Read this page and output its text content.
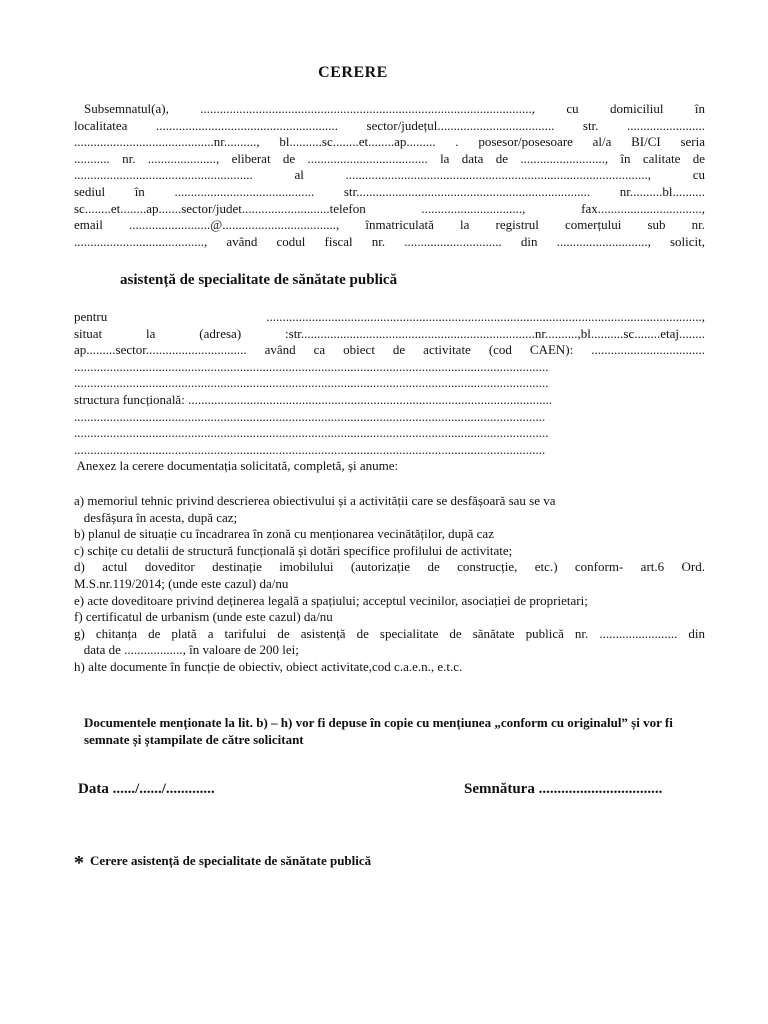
CERERE
Subsemnatul(a), ......................................................................................................, cu domiciliul în
localitatea ........................................................ sector/județul.................................... str. ........................
...........................................nr.........., bl..........sc........et........ap......... . posesor/posesoare al/a BI/CI seria
........... nr. ....................., eliberat de ..................................... la data de .........................., în calitate de
....................................................... al ............................................................................................., cu
sediul în ........................................... str........................................................................ nr..........bl..........
sc........et........ap.......sector/judet...........................telefon ..............................., fax................................,
email .........................@..................................., înmatriculată la registrul comerțului sub nr.
........................................, având codul fiscal nr. .............................. din ............................, solicit,
asistență de specialitate de sănătate publică
pentru ......................................................................................................................................,
situat la (adresa) :str........................................................................nr..........,bl..........sc........etaj........
ap.........sector............................... având ca obiect de activitate (cod CAEN): ...................................
..................................................................................................................................................
..................................................................................................................................................
structura funcțională: ................................................................................................................
.................................................................................................................................................
..................................................................................................................................................
.................................................................................................................................................
Anexez la cerere documentația solicitată, completă, și anume:
a) memoriul tehnic privind descrierea obiectivului și a activității care se desfășoară sau se va
desfășura în acesta, după caz;
b) planul de situație cu încadrarea în zonă cu menționarea vecinătăților, după caz
c) schițe cu detalii de structură funcțională și dotări specifice profilului de activitate;
d) actul doveditor destinație imobilului (autorizație de construcție, etc.) conform- art.6 Ord.
M.S.nr.119/2014; (unde este cazul) da/nu
e) acte doveditoare privind deținerea legală a spațiului; acceptul vecinilor, asociației de proprietari;
f) certificatul de urbanism (unde este cazul) da/nu
g) chitanța de plată a tarifului de asistență de specialitate de sănătate publică nr. ........................ din
data de .................., în valoare de 200 lei;
h) alte documente în funcție de obiectiv, obiect activitate,cod c.a.e.n., e.t.c.
Documentele menționate la lit. b) – h) vor fi depuse în copie cu mențiunea „conform cu originalul” și vor fi semnate și ștampilate de către solicitant
Data ....../....../.............	Semnătura .................................
* Cerere asistență de specialitate de sănătate publică
